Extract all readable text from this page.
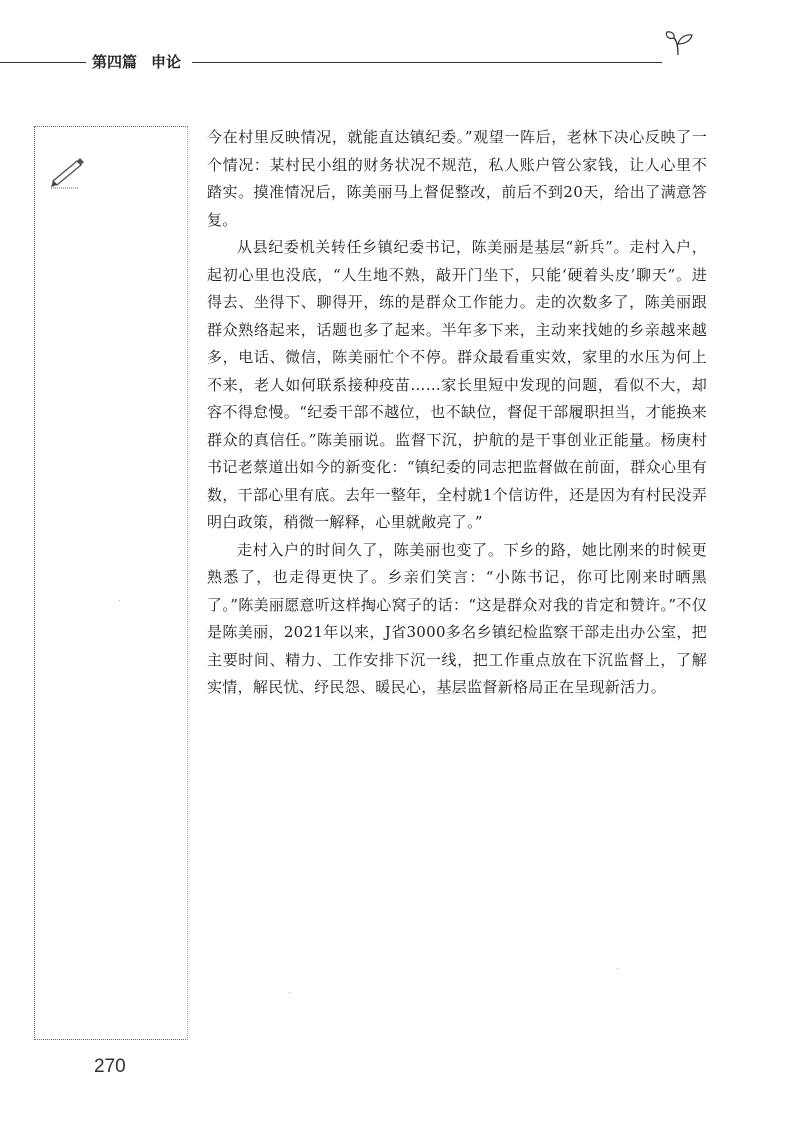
第四篇 申论

今在村里反映情况，就能直达镇纪委。”观望一阵后，老林下决心反映了一个情况：某村民小组的财务状况不规范，私人账户管公家钱，让人心里不踏实。摸准情况后，陈美丽马上督促整改，前后不到20天，给出了满意答复。

从县纪委机关转任乡镇纪委书记，陈美丽是基层“新兵”。走村入户，起初心里也没底，“人生地不熟，敲开门坐下，只能‘硬着头皮’聊天”。进得去、坐得下、聊得开，练的是群众工作能力。走的次数多了，陈美丽跟群众熟络起来，话题也多了起来。半年多下来，主动来找她的乡亲越来越多，电话、微信，陈美丽忙个不停。群众最看重实效，家里的水压为何上不来，老人如何联系接种疫苗……家长里短中发现的问题，看似不大，却容不得怠慢。“纪委干部不越位，也不缺位，督促干部履职担当，才能换来群众的真信任。”陈美丽说。监督下沉，护航的是干事创业正能量。杨庚村书记老蔡道出如今的新变化：“镇纪委的同志把监督做在前面，群众心里有数，干部心里有底。去年一整年，全村就1个信访件，还是因为有村民没弄明白政策，稍微一解释，心里就敞亮了。”

走村入户的时间久了，陈美丽也变了。下乡的路，她比刚来的时候更熟悉了，也走得更快了。乡亲们笑言：“小陈书记，你可比刚来时晒黑了。”陈美丽愿意听这样掏心窝子的话：“这是群众对我的肯定和赞许。”不仅是陈美丽，2021年以来，J省3000多名乡镇纪检监察干部走出办公室，把主要时间、精力、工作安排下沉一线，把工作重点放在下沉监督上，了解实情，解民忧、纾民怨、暖民心，基层监督新格局正在呈现新活力。

270
